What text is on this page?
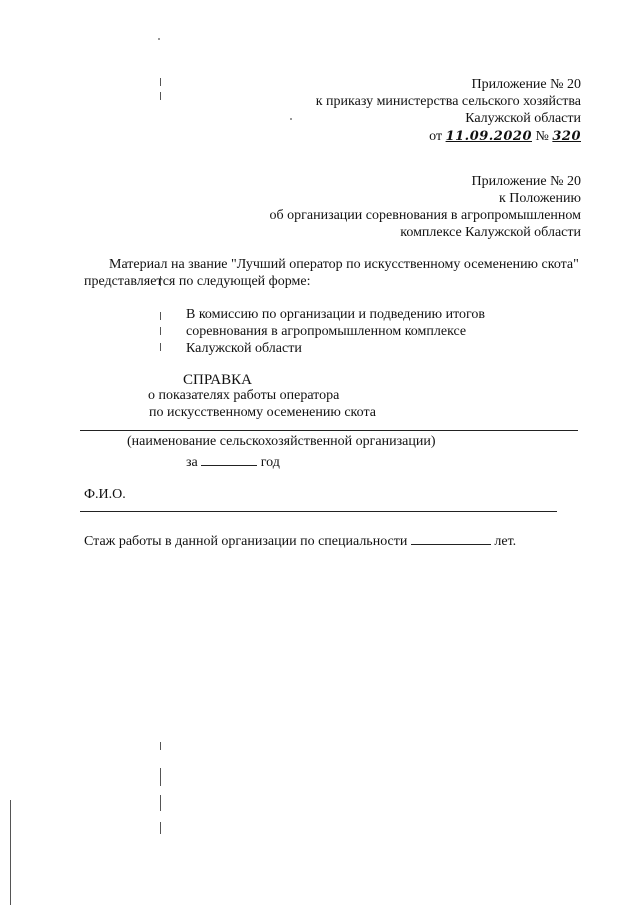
Приложение № 20
к приказу министерства сельского хозяйства
Калужской области
от 11.09.2020 № 320
Приложение № 20
к Положению
об организации соревнования в агропромышленном
комплексе Калужской области
Материал на звание "Лучший оператор по искусственному осеменению скота"
представляется по следующей форме:
В комиссию по организации и подведению итогов
соревнования в агропромышленном комплексе
Калужской области
СПРАВКА
о показателях работы оператора
по искусственному осеменению скота
(наименование сельскохозяйственной организации)
за	год
Ф.И.О.
Стаж работы в данной организации по специальности	лет.
